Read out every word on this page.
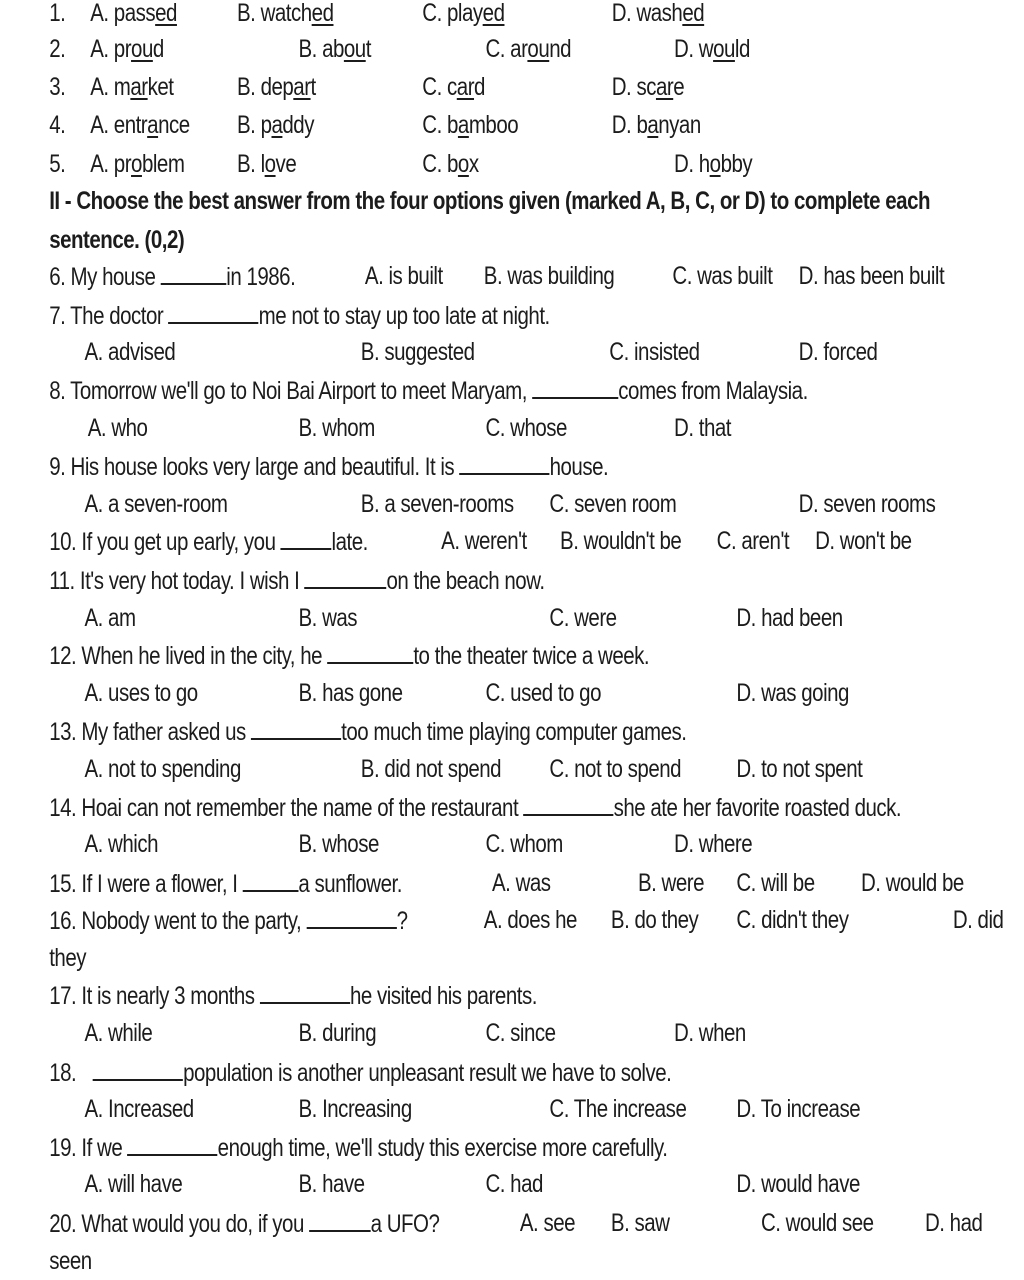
1. A. passed B. watched	C. played	D. washed
2. A. proud	B. about	C. around	D. would
3. A. market	B. depart	C. card	D. scare
4. A. entrance B. paddy	C. bamboo	D. banyan
5. A. problem B. love	C. box	D. hobby
II - Choose the best answer from the four options given (marked A, B, C, or D) to complete each
sentence. (0,2)
6. My house	in 1986.	A. is built B. was building C. was built D. has been built
7. The doctor	me not to stay up too late at night.
A. advised	B. suggested	C. insisted	D. forced
8. Tomorrow we'll go to Noi Bai Airport to meet Maryam,	comes from Malaysia.
A. who	B. whom	C. whose	D. that
9. His house looks very large and beautiful. It is	house.
A. a seven-room	B. a seven-rooms C. seven room	D. seven rooms
10. If you get up early, you late.	A. weren't B. wouldn't be C. aren't D. won't be
11. It's very hot today. I wish I	on the beach now.
A. am	B. was	C. were	D. had been
12. When he lived in the city, he	to the theater twice a week.
A. uses to go	B. has gone	C. used to go	D. was going
13. My father asked us	too much time playing computer games.
A. not to spending	B. did not spend C. not to spend D. to not spent
14. Hoai can not remember the name of the restaurant	she ate her favorite roasted duck.
A. which	B. whose	C. whom	D. where
15. If I were a flower, I a sunflower.	A. was	B. were C. will be D. would be
16. Nobody went to the party,	?	A. does he B. do they C. didn't they	D. did
they
17. It is nearly 3 months	he visited his parents.
A. while	B. during	C. since	D. when
18.	population is another unpleasant result we have to solve.
A. Increased	B. Increasing	C. The increase D. To increase
19. If we	enough time, we'll study this exercise more carefully.
A. will have	B. have	C. had	D. would have
20. What would you do, if you a UFO?	A. see B. saw	C. would see D. had
seen
